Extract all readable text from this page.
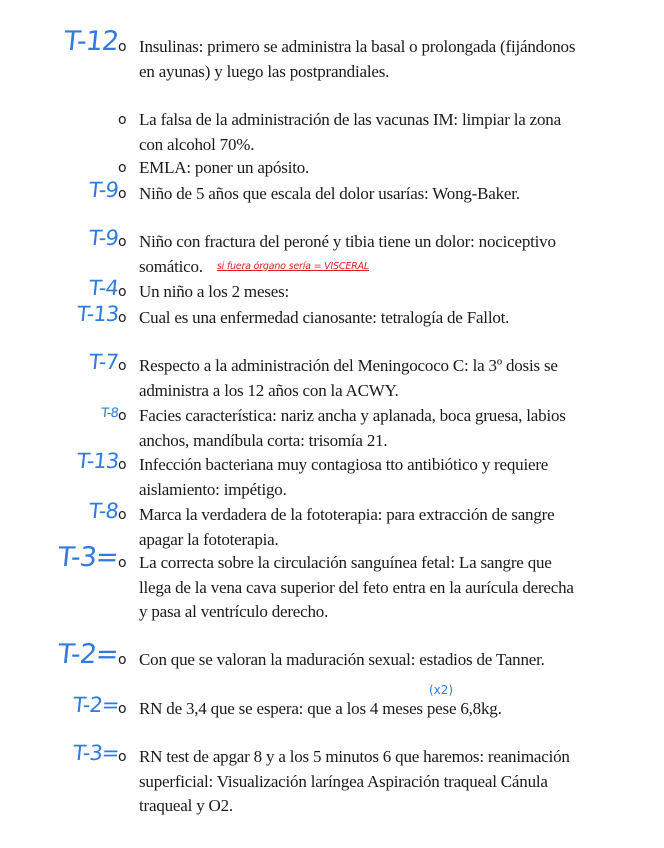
T-12
o Insulinas: primero se administra la basal o prolongada (fijándonos en ayunas) y luego las postprandiales.
o La falsa de la administración de las vacunas IM: limpiar la zona con alcohol 70%.
o EMLA: poner un apósito.
T-9
o Niño de 5 años que escala del dolor usarías: Wong-Baker.
T-9
o Niño con fractura del peroné y tibia tiene un dolor: nociceptivo somático. si fuera órgano sería = VISCERAL
T-4
o Un niño a los 2 meses:
T-13
o Cual es una enfermedad cianosante: tetralogía de Fallot.
T-7
o Respecto a la administración del Meningococo C: la 3º dosis se administra a los 12 años con la ACWY.
T-8 o Facies característica: nariz ancha y aplanada, boca gruesa, labios anchos, mandíbula corta: trisomía 21.
T-13
o Infección bacteriana muy contagiosa tto antibiótico y requiere aislamiento: impétigo.
T-8
o Marca la verdadera de la fototerapia: para extracción de sangre apagar la fototerapia.
T-3=
o La correcta sobre la circulación sanguínea fetal: La sangre que llega de la vena cava superior del feto entra en la aurícula derecha y pasa al ventrículo derecho.
T-2=
o Con que se valoran la maduración sexual: estadios de Tanner.
(x2)
T-2=
o RN de 3,4 que se espera: que a los 4 meses pese 6,8kg.
T-3=
o RN test de apgar 8 y a los 5 minutos 6 que haremos: reanimación superficial: Visualización laríngea Aspiración traqueal Cánula traqueal y O2.
